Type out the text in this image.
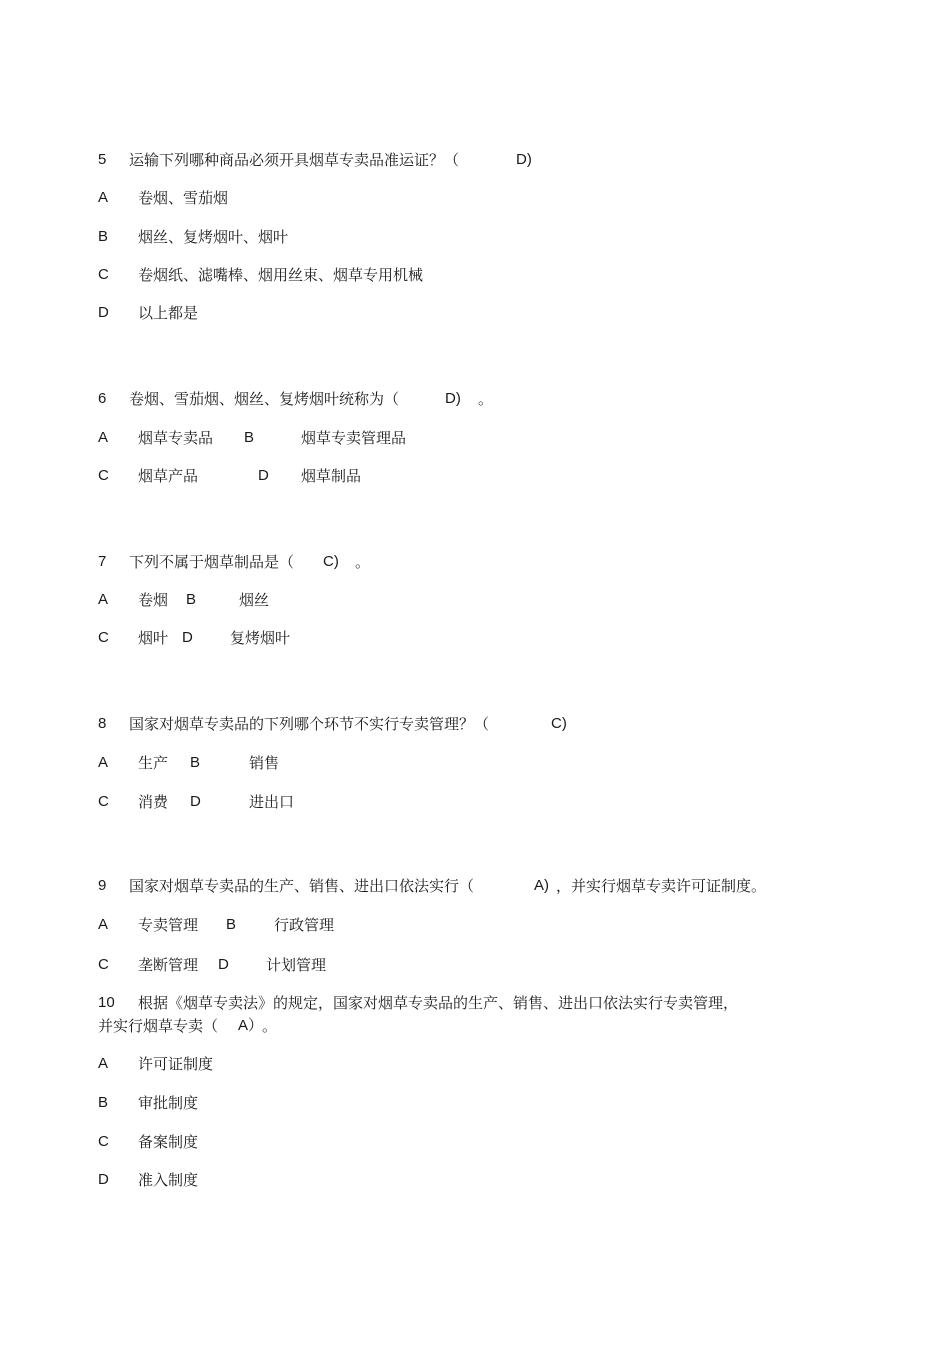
5 运输下列哪种商品必须开具烟草专卖品准运证？（	D)
A 卷烟、雪茄烟
B 烟丝、复烤烟叶、烟叶
C 卷烟纸、滤嘴棒、烟用丝束、烟草专用机械
D 以上都是
6 卷烟、雪茄烟、烟丝、复烤烟叶统称为（	D) 。
A 烟草专卖品 B	烟草专卖管理品
C 烟草产品	D 烟草制品
7 下列不属于烟草制品是（ C) 。
A 卷烟 B	烟丝
C 烟叶 D 复烤烟叶
8 国家对烟草专卖品的下列哪个环节不实行专卖管理？（	C)
A 生产 B	销售
C 消费 D	进出口
9 国家对烟草专卖品的生产、销售、进出口依法实行（	A) ，并实行烟草专卖许可证制度。
A 专卖管理 B	行政管理
C 垄断管理 D 计划管理
10 根据《烟草专卖法》的规定，国家对烟草专卖品的生产、销售、进出口依法实行专卖管理，
并实行烟草专卖（ A）
。
A 许可证制度
B 审批制度
C 备案制度
D 准入制度
